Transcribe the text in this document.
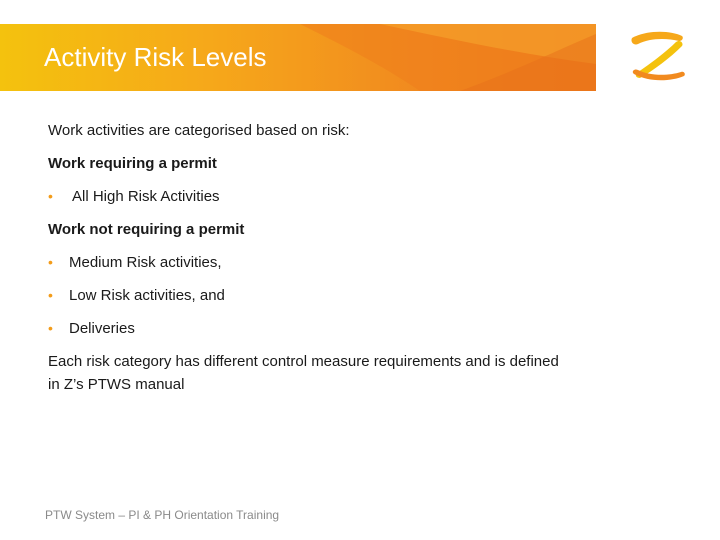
Activity Risk Levels
Work activities are categorised based on risk:
Work requiring a permit
• All High Risk Activities
Work not requiring a permit
• Medium Risk activities,
• Low Risk activities, and
• Deliveries
Each risk category has different control measure requirements and is defined
in Z’s PTWS manual
PTW System – PI & PH Orientation Training
